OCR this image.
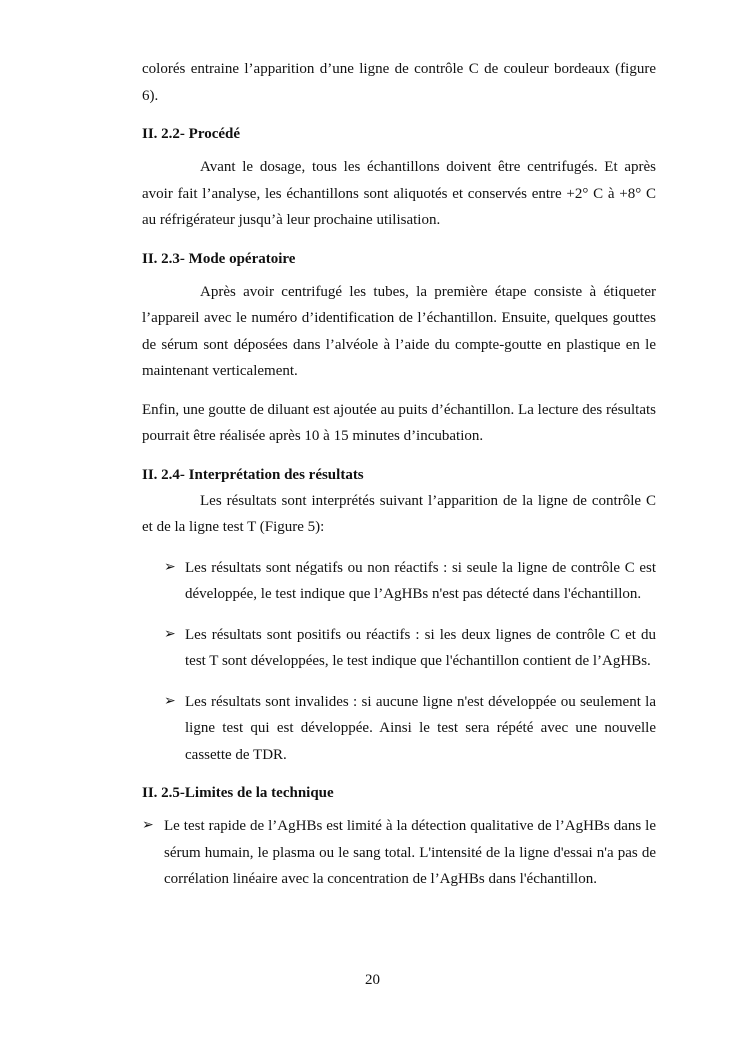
colorés entraine l’apparition d’une ligne de contrôle C de couleur bordeaux (figure 6).

II. 2.2- Procédé

Avant le dosage, tous les échantillons doivent être centrifugés. Et après avoir fait l’analyse, les échantillons sont aliquotés et conservés entre +2° C à +8° C au réfrigérateur jusqu’à leur prochaine utilisation.

II. 2.3- Mode opératoire

Après avoir centrifugé les tubes, la première étape consiste à étiqueter l’appareil avec le numéro d’identification de l’échantillon. Ensuite, quelques gouttes de sérum sont déposées dans l’alvéole à l’aide du compte-goutte en plastique en le maintenant verticalement.

Enfin, une goutte de diluant est ajoutée au puits d’échantillon. La lecture des résultats pourrait être réalisée après 10 à 15 minutes d’incubation.

II. 2.4- Interprétation des résultats

Les résultats sont interprétés suivant l’apparition de la ligne de contrôle C et de la ligne test T (Figure 5):

➢ Les résultats sont négatifs ou non réactifs : si seule la ligne de contrôle C est développée, le test indique que l’AgHBs n'est pas détecté dans l'échantillon.
➢ Les résultats sont positifs ou réactifs : si les deux lignes de contrôle C et du test T sont développées, le test indique que l'échantillon contient de l’AgHBs.
➢ Les résultats sont invalides : si aucune ligne n'est développée ou seulement la ligne test qui est développée. Ainsi le test sera répété avec une nouvelle cassette de TDR.
II. 2.5-Limites de la technique
➢ Le test rapide de l’AgHBs est limité à la détection qualitative de l’AgHBs dans le sérum humain, le plasma ou le sang total. L'intensité de la ligne d'essai n'a pas de corrélation linéaire avec la concentration de l’AgHBs dans l'échantillon.
20
